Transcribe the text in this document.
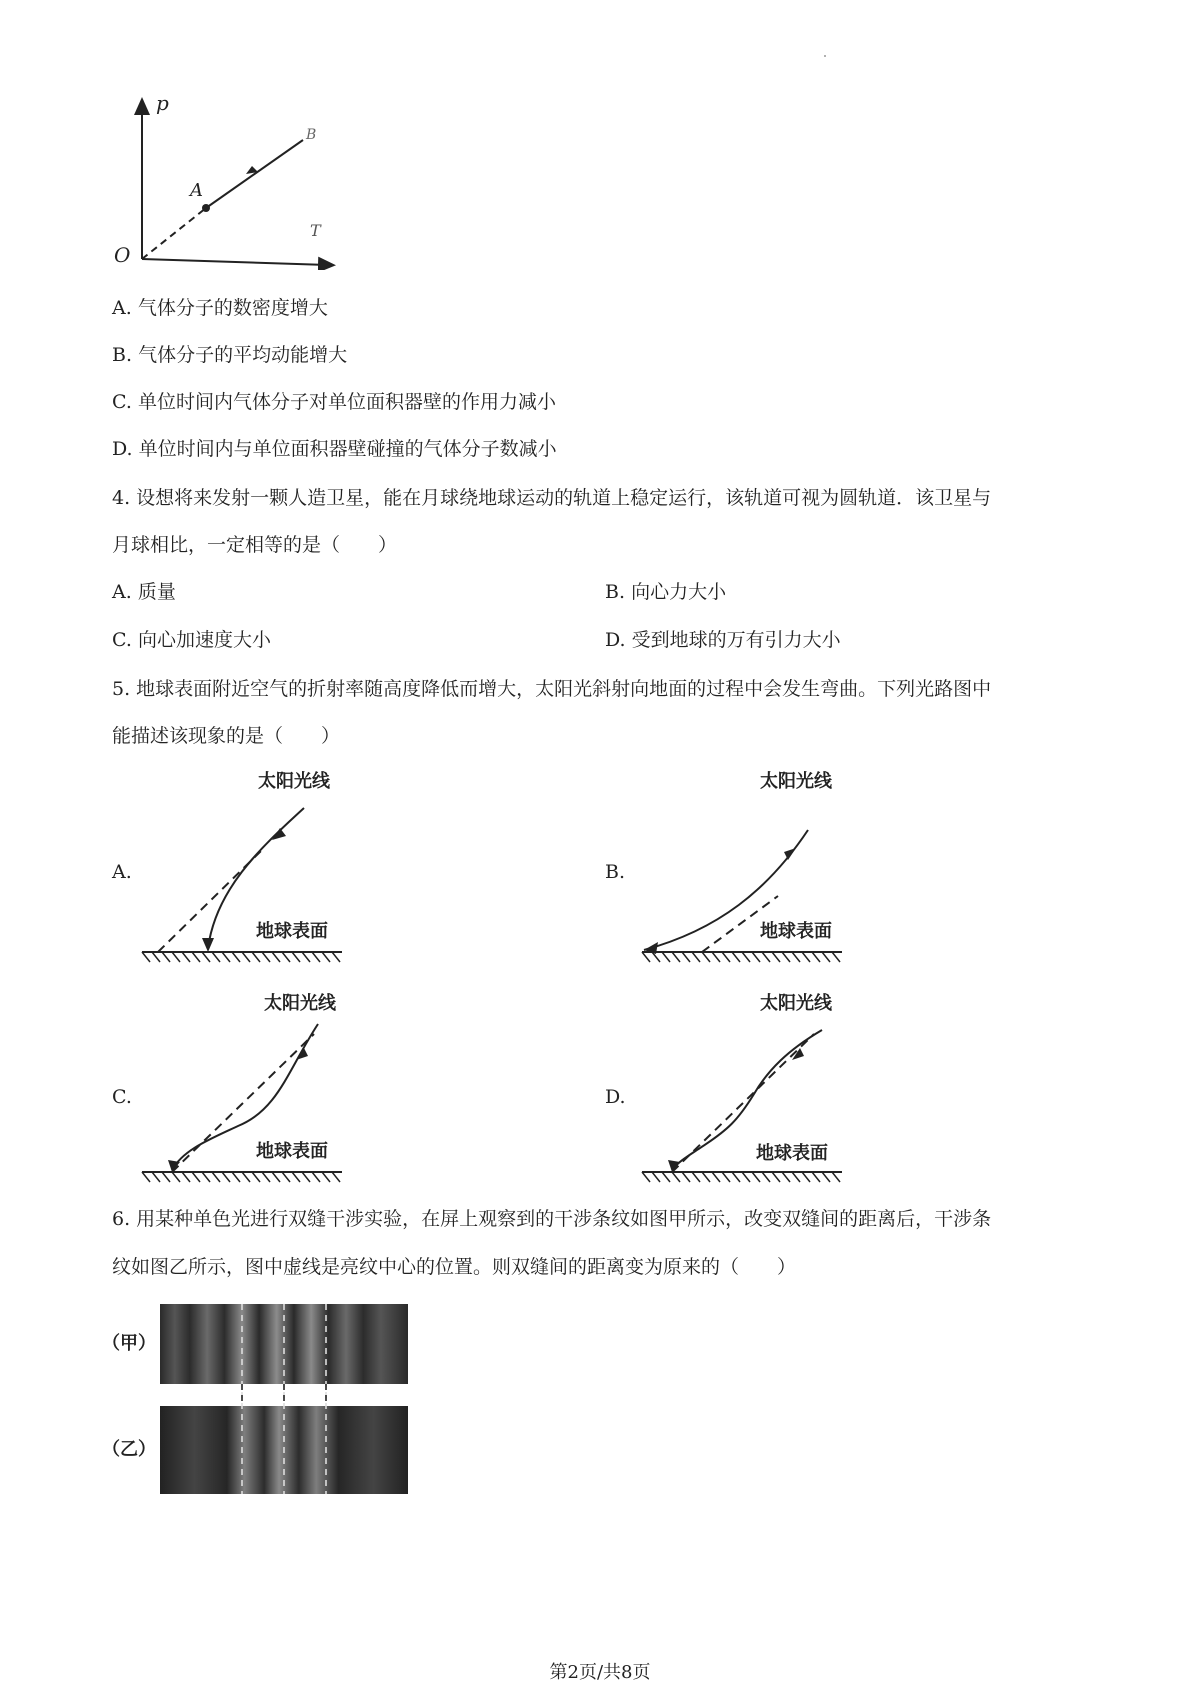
p
T
O
A
B
A. 气体分子的数密度增大
B. 气体分子的平均动能增大
C. 单位时间内气体分子对单位面积器壁的作用力减小
D. 单位时间内与单位面积器壁碰撞的气体分子数减小
4. 设想将来发射一颗人造卫星，能在月球绕地球运动的轨道上稳定运行，该轨道可视为圆轨道．该卫星与
月球相比，一定相等的是（　　）
A. 质量	B. 向心力大小
C. 向心加速度大小	D. 受到地球的万有引力大小
5. 地球表面附近空气的折射率随高度降低而增大，太阳光斜射向地面的过程中会发生弯曲。下列光路图中
能描述该现象的是（　　）
A.
太阳光线
地球表面
B.
太阳光线
地球表面
C.
太阳光线
地球表面
D.
太阳光线
地球表面
6. 用某种单色光进行双缝干涉实验，在屏上观察到的干涉条纹如图甲所示，改变双缝间的距离后，干涉条
纹如图乙所示，图中虚线是亮纹中心的位置。则双缝间的距离变为原来的（　　）
（甲）
（乙）
第2页/共8页
